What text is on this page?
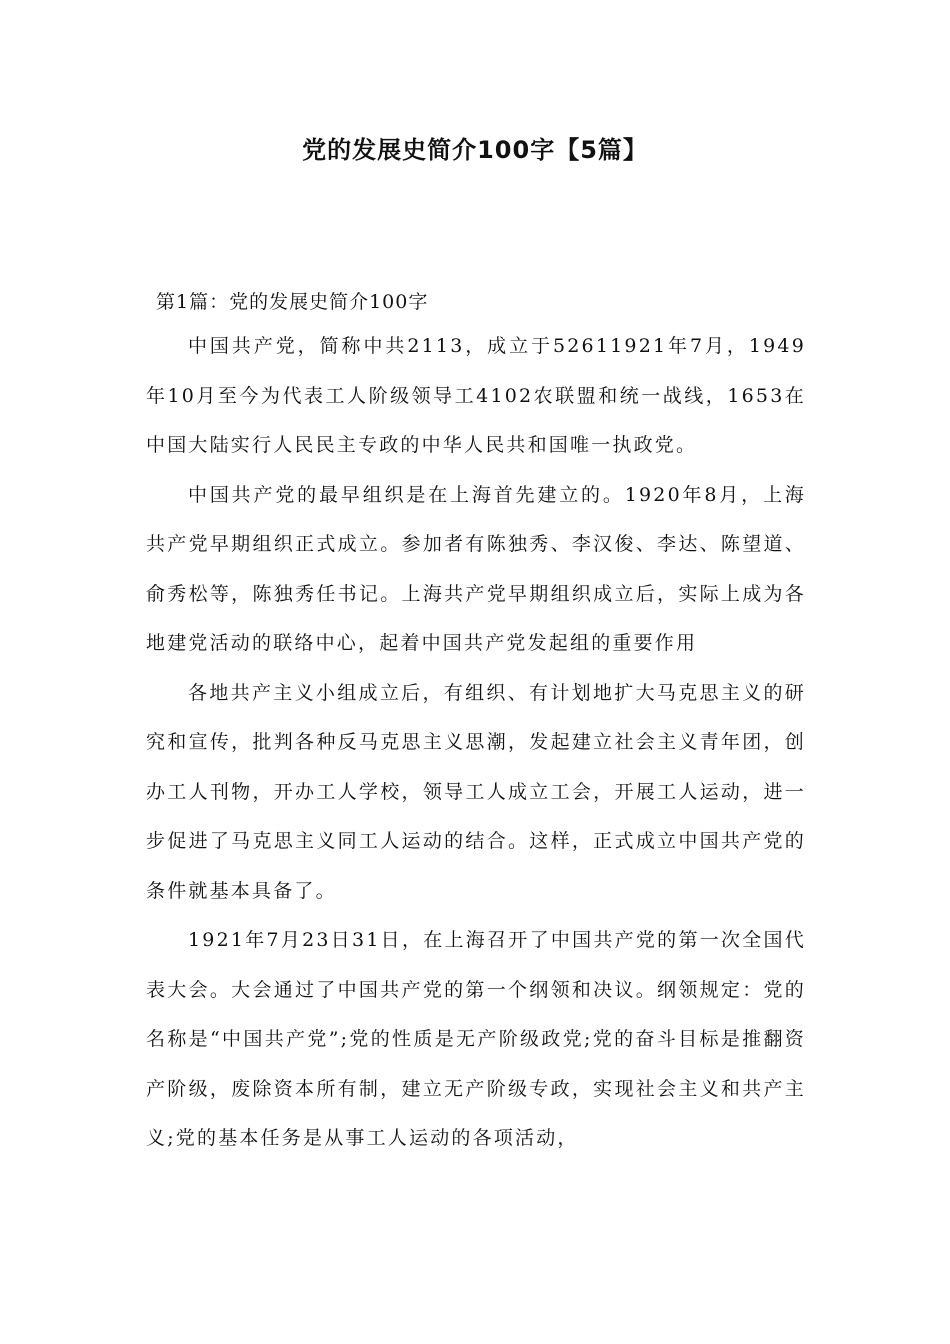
党的发展史简介100字【5篇】

第1篇：党的发展史简介100字

中国共产党，简称中共2113，成立于52611921年7月，1949年10月至今为代表工人阶级领导工4102农联盟和统一战线，1653在中国大陆实行人民民主专政的中华人民共和国唯一执政党。

中国共产党的最早组织是在上海首先建立的。1920年8月，上海共产党早期组织正式成立。参加者有陈独秀、李汉俊、李达、陈望道、俞秀松等，陈独秀任书记。上海共产党早期组织成立后，实际上成为各地建党活动的联络中心，起着中国共产党发起组的重要作用

各地共产主义小组成立后，有组织、有计划地扩大马克思主义的研究和宣传，批判各种反马克思主义思潮，发起建立社会主义青年团，创办工人刊物，开办工人学校，领导工人成立工会，开展工人运动，进一步促进了马克思主义同工人运动的结合。这样，正式成立中国共产党的条件就基本具备了。

1921年7月23日31日，在上海召开了中国共产党的第一次全国代表大会。大会通过了中国共产党的第一个纲领和决议。纲领规定：党的名称是“中国共产党”;党的性质是无产阶级政党;党的奋斗目标是推翻资产阶级，废除资本所有制，建立无产阶级专政，实现社会主义和共产主义;党的基本任务是从事工人运动的各项活动，
